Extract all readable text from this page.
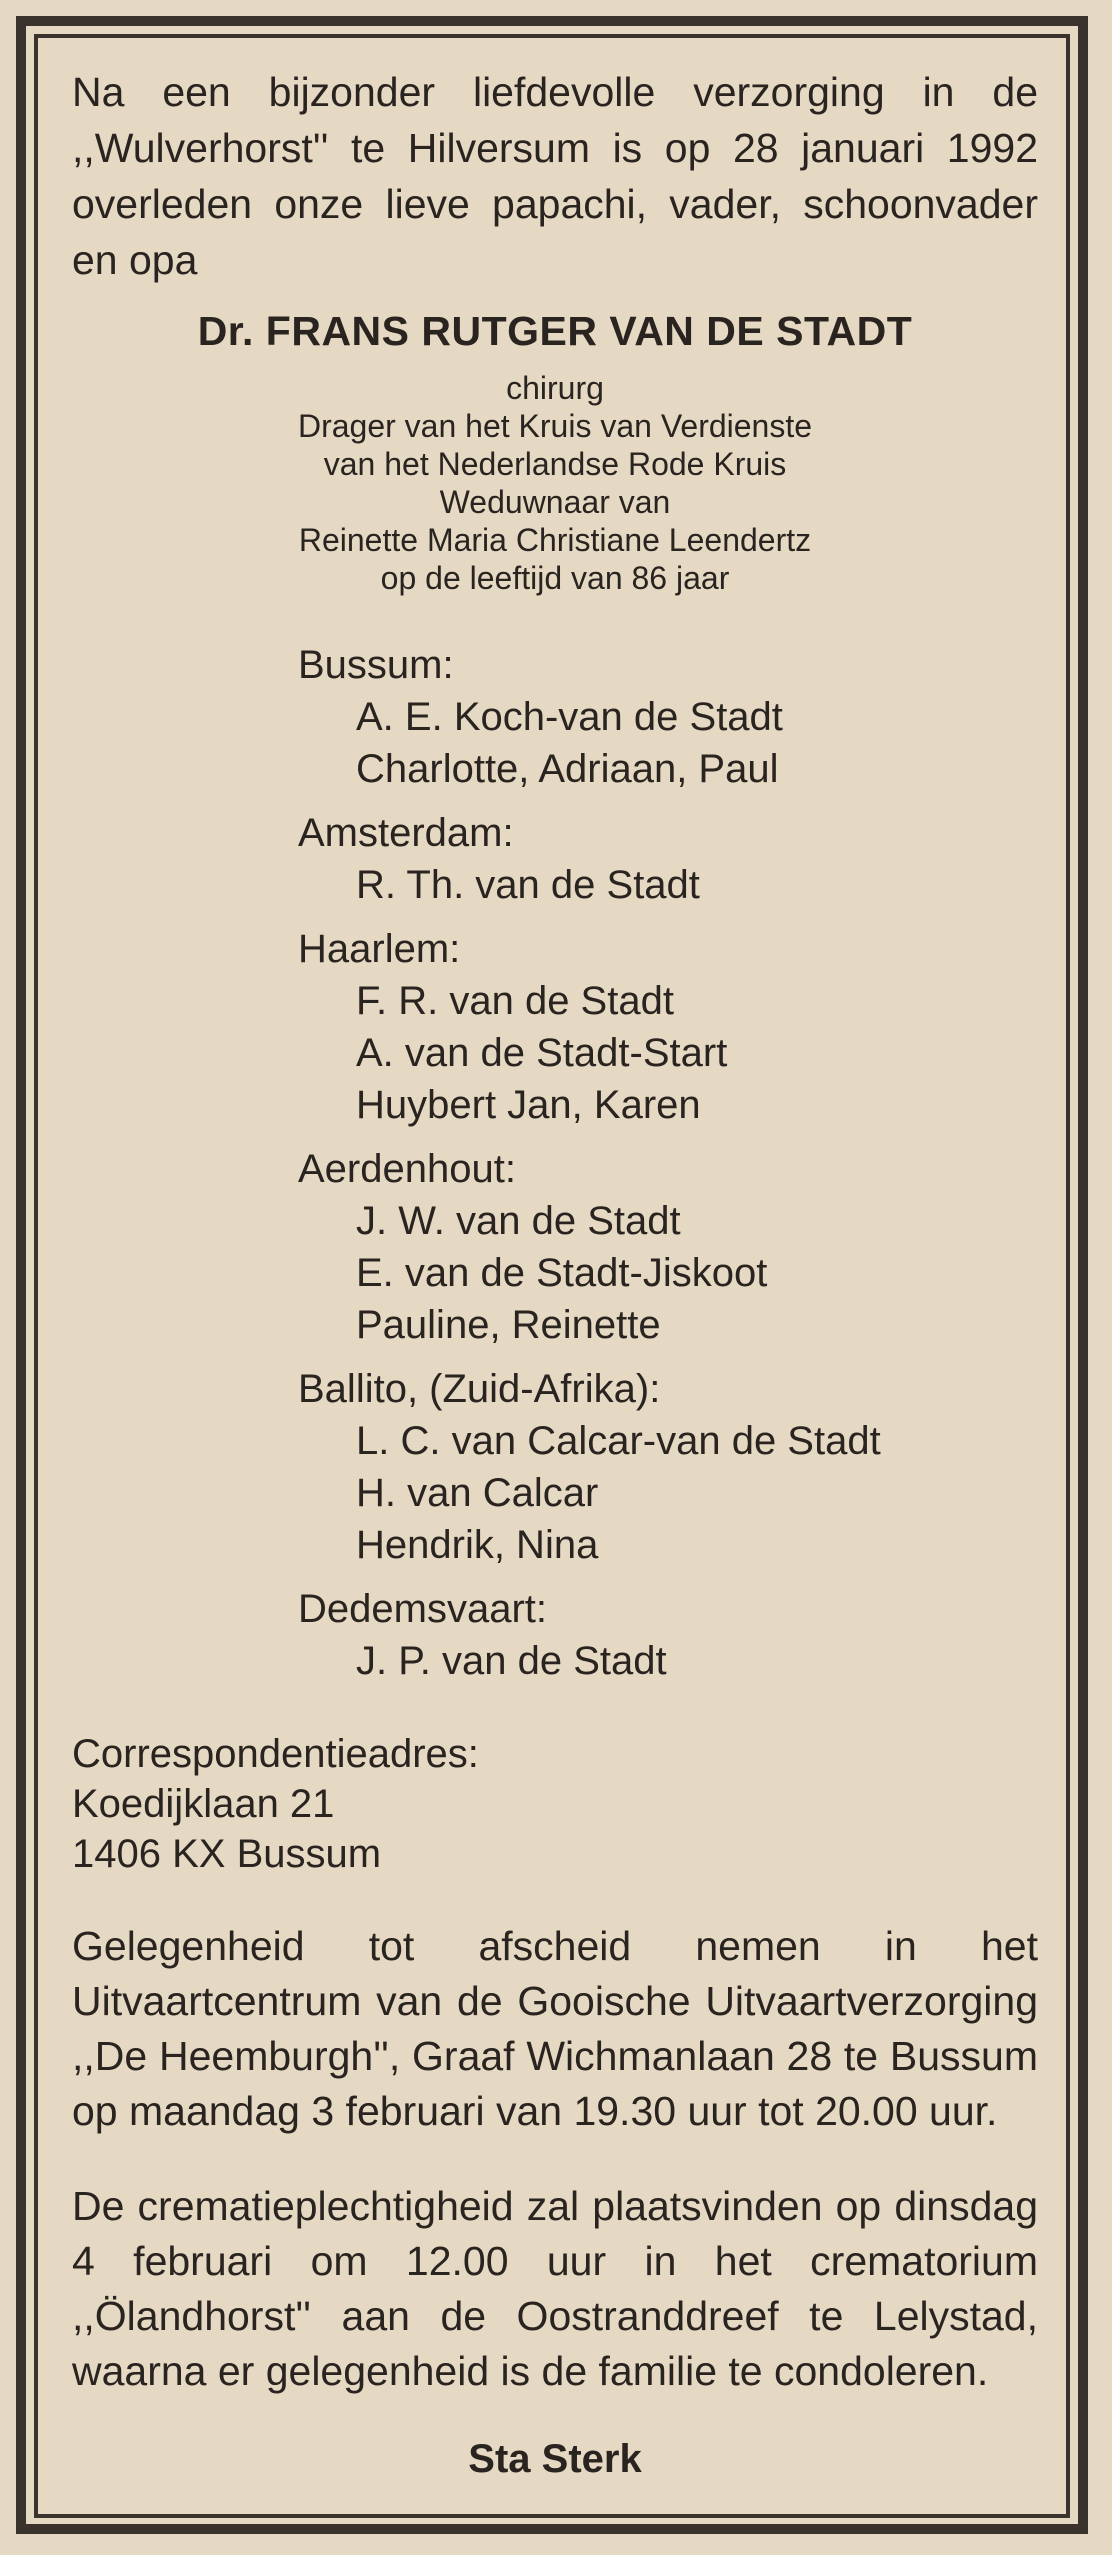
Na een bijzonder liefdevolle verzorging in de ,,Wulverhorst'' te Hilversum is op 28 januari 1992 overleden onze lieve papachi, vader, schoonvader en opa

Dr. FRANS RUTGER VAN DE STADT
chirurg
Drager van het Kruis van Verdienste
van het Nederlandse Rode Kruis
Weduwnaar van
Reinette Maria Christiane Leendertz
op de leeftijd van 86 jaar
Bussum:
A. E. Koch-van de Stadt
Charlotte, Adriaan, Paul
Amsterdam:
R. Th. van de Stadt
Haarlem:
F. R. van de Stadt
A. van de Stadt-Start
Huybert Jan, Karen
Aerdenhout:
J. W. van de Stadt
E. van de Stadt-Jiskoot
Pauline, Reinette
Ballito, (Zuid-Afrika):
L. C. van Calcar-van de Stadt
H. van Calcar
Hendrik, Nina
Dedemsvaart:
J. P. van de Stadt
Correspondentieadres:
Koedijklaan 21
1406 KX Bussum

Gelegenheid tot afscheid nemen in het Uitvaartcentrum van de Gooische Uitvaartverzorging ,,De Heemburgh'', Graaf Wichmanlaan 28 te Bussum op maandag 3 februari van 19.30 uur tot 20.00 uur.

De crematieplechtigheid zal plaatsvinden op dinsdag 4 februari om 12.00 uur in het crematorium ,,Ölandhorst'' aan de Oostranddreef te Lelystad, waarna er gelegenheid is de familie te condoleren.

Sta Sterk
